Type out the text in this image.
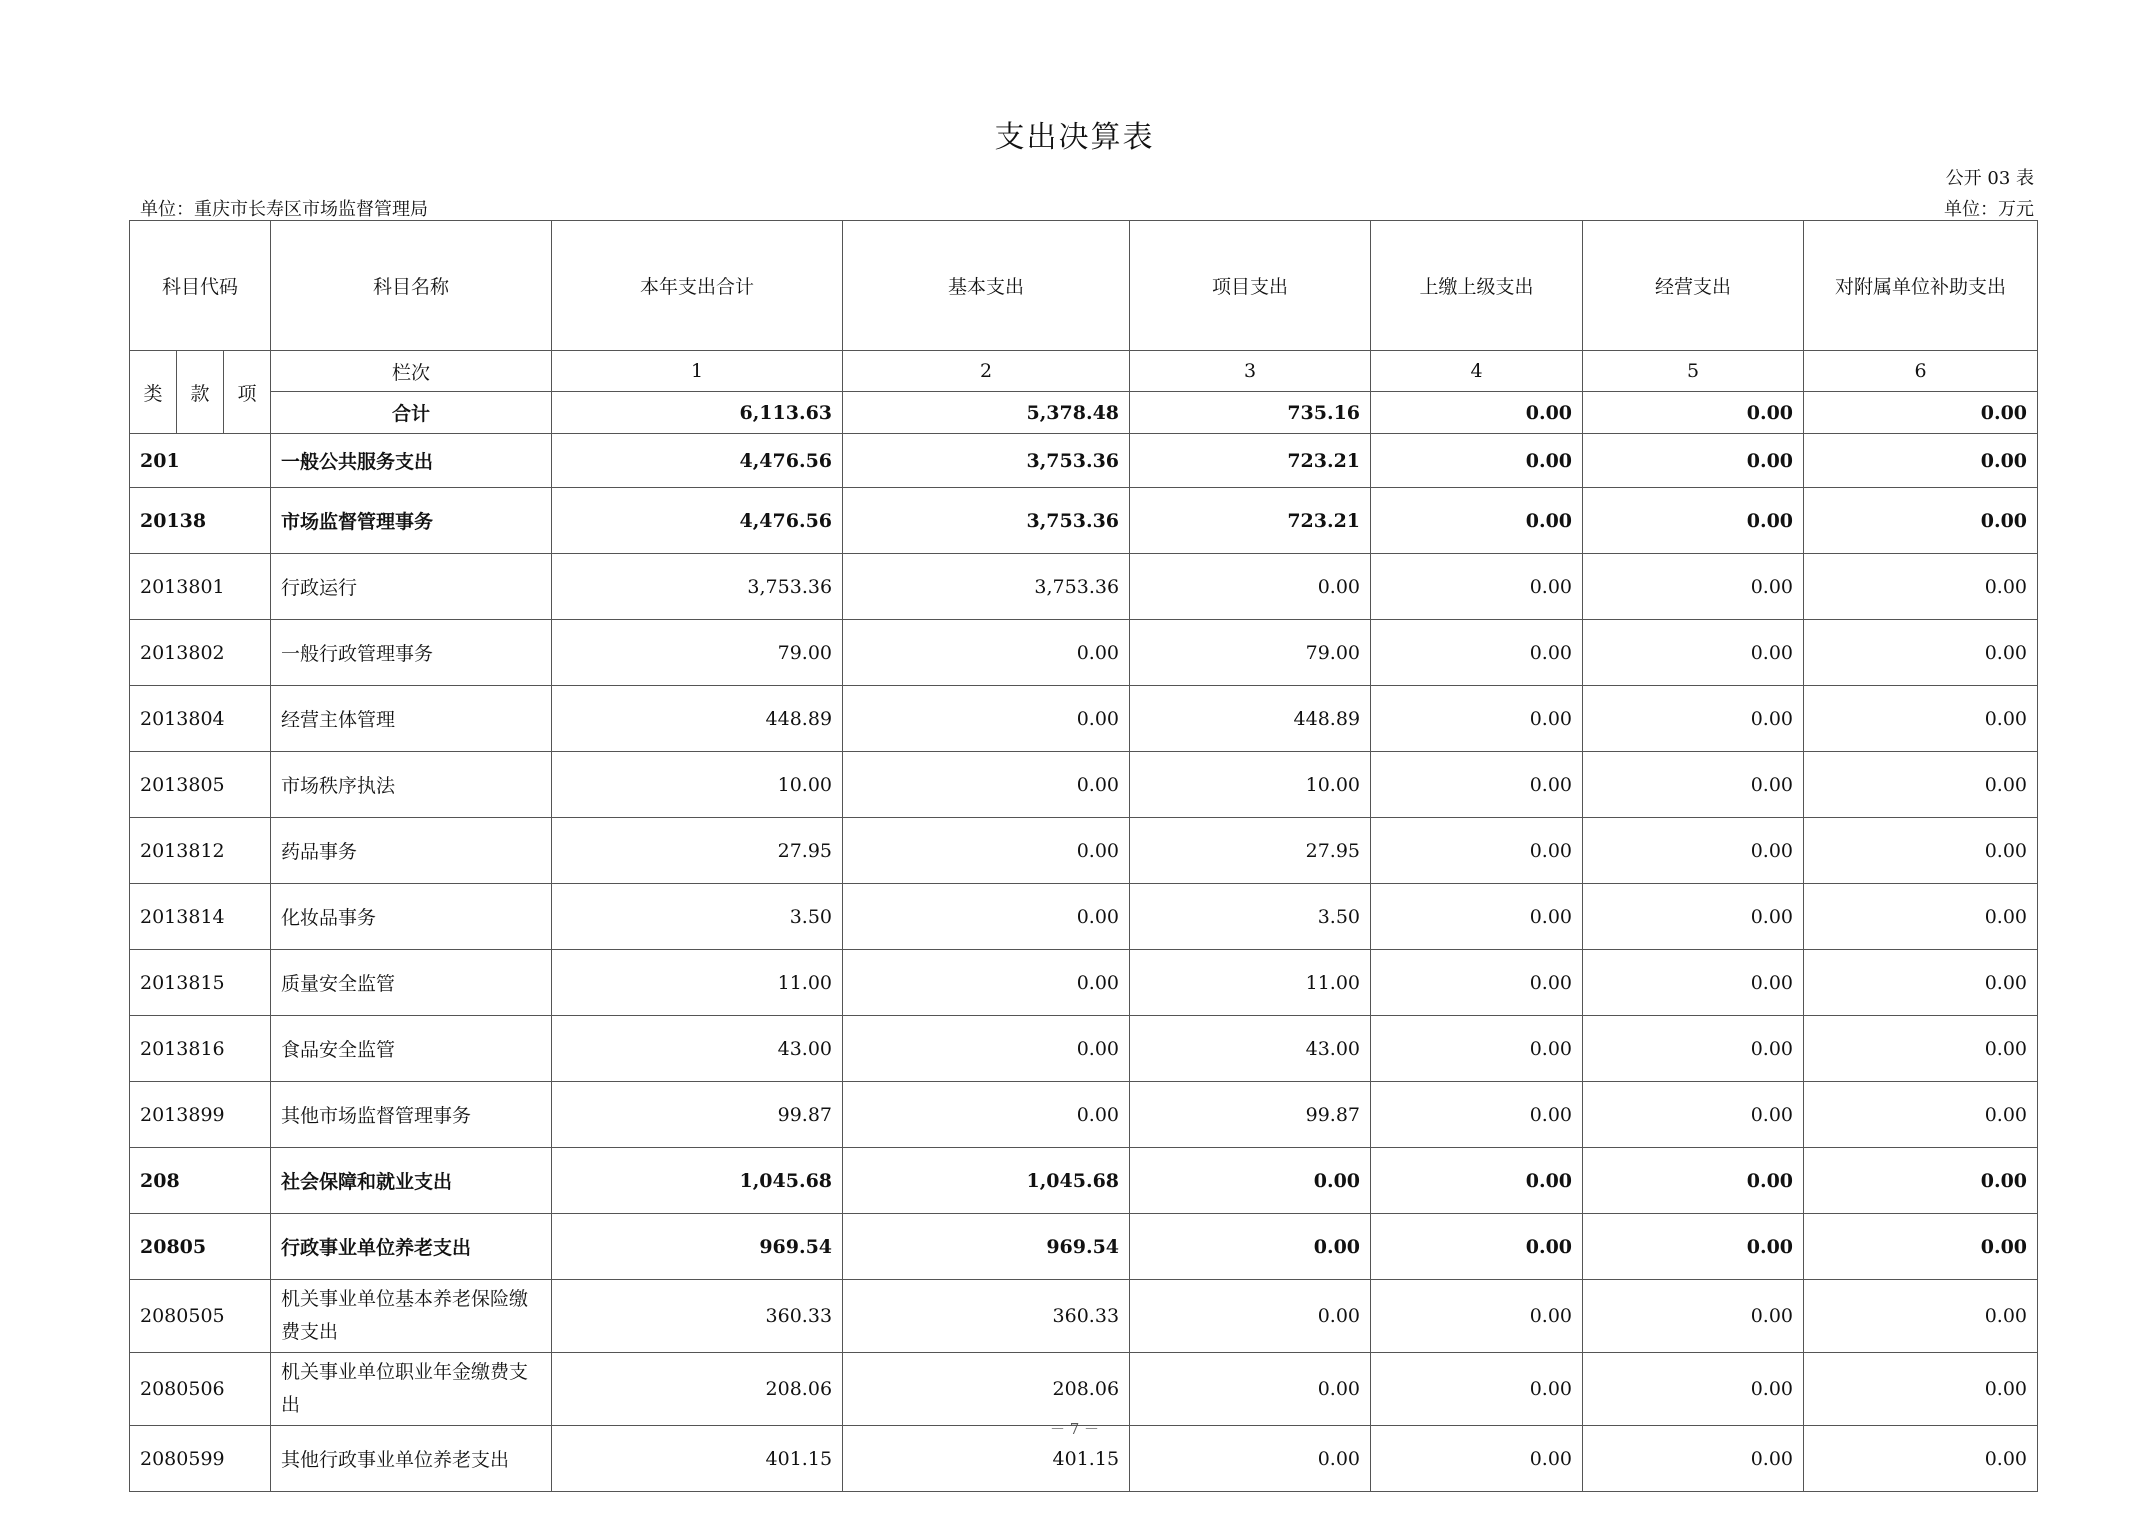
支出决算表
公开 03 表
单位：重庆市长寿区市场监督管理局	单位：万元
科目代码			科目名称	本年支出合计	基本支出	项目支出	上缴上级支出	经营支出	对附属单位补助支出
类	款	项	栏次	1	2	3	4	5	6
			合计	6,113.63	5,378.48	735.16	0.00	0.00	0.00
201			一般公共服务支出	4,476.56	3,753.36	723.21	0.00	0.00	0.00
20138			市场监督管理事务	4,476.56	3,753.36	723.21	0.00	0.00	0.00
2013801			行政运行	3,753.36	3,753.36	0.00	0.00	0.00	0.00
2013802			一般行政管理事务	79.00	0.00	79.00	0.00	0.00	0.00
2013804			经营主体管理	448.89	0.00	448.89	0.00	0.00	0.00
2013805			市场秩序执法	10.00	0.00	10.00	0.00	0.00	0.00
2013812			药品事务	27.95	0.00	27.95	0.00	0.00	0.00
2013814			化妆品事务	3.50	0.00	3.50	0.00	0.00	0.00
2013815			质量安全监管	11.00	0.00	11.00	0.00	0.00	0.00
2013816			食品安全监管	43.00	0.00	43.00	0.00	0.00	0.00
2013899			其他市场监督管理事务	99.87	0.00	99.87	0.00	0.00	0.00
208			社会保障和就业支出	1,045.68	1,045.68	0.00	0.00	0.00	0.00
20805			行政事业单位养老支出	969.54	969.54	0.00	0.00	0.00	0.00
2080505			机关事业单位基本养老保险缴费支出	360.33	360.33	0.00	0.00	0.00	0.00
2080506			机关事业单位职业年金缴费支出	208.06	208.06	0.00	0.00	0.00	0.00
2080599			其他行政事业单位养老支出	401.15	401.15	0.00	0.00	0.00	0.00
－ 7 －
